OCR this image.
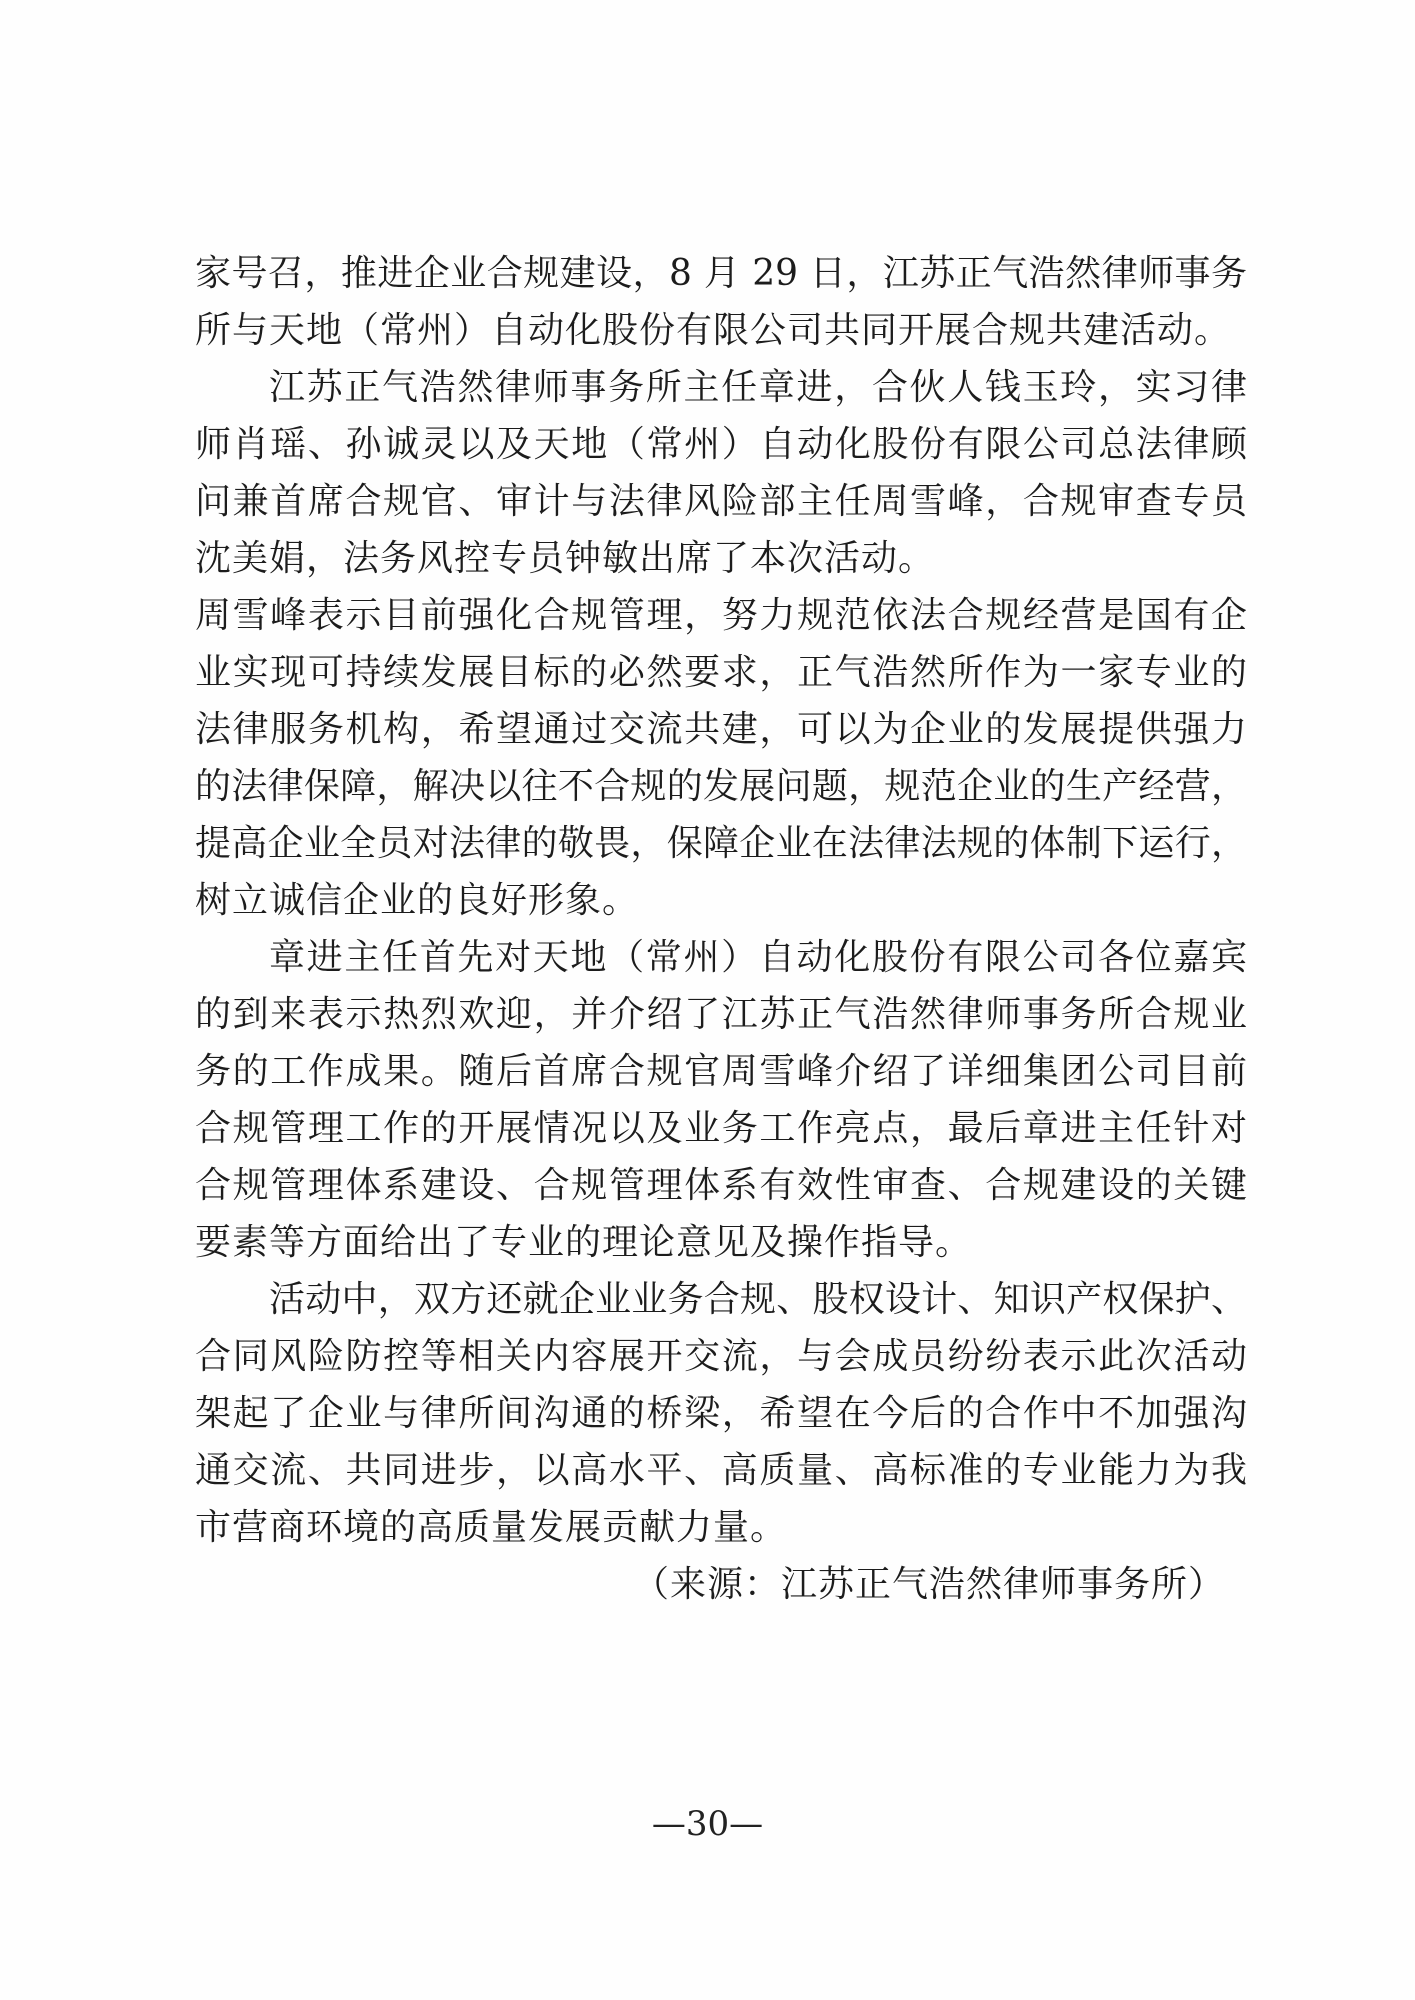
家号召，推进企业合规建设，8 月 29 日，江苏正气浩然律师事务
所与天地（常州）自动化股份有限公司共同开展合规共建活动。
江苏正气浩然律师事务所主任章进，合伙人钱玉玲，实习律
师肖瑶、孙诚灵以及天地（常州）自动化股份有限公司总法律顾
问兼首席合规官、审计与法律风险部主任周雪峰，合规审查专员
沈美娟，法务风控专员钟敏出席了本次活动。
周雪峰表示目前强化合规管理，努力规范依法合规经营是国有企
业实现可持续发展目标的必然要求，正气浩然所作为一家专业的
法律服务机构，希望通过交流共建，可以为企业的发展提供强力
的法律保障，解决以往不合规的发展问题，规范企业的生产经营，
提高企业全员对法律的敬畏，保障企业在法律法规的体制下运行，
树立诚信企业的良好形象。
章进主任首先对天地（常州）自动化股份有限公司各位嘉宾
的到来表示热烈欢迎，并介绍了江苏正气浩然律师事务所合规业
务的工作成果。随后首席合规官周雪峰介绍了详细集团公司目前
合规管理工作的开展情况以及业务工作亮点，最后章进主任针对
合规管理体系建设、合规管理体系有效性审查、合规建设的关键
要素等方面给出了专业的理论意见及操作指导。
活动中，双方还就企业业务合规、股权设计、知识产权保护、
合同风险防控等相关内容展开交流，与会成员纷纷表示此次活动
架起了企业与律所间沟通的桥梁，希望在今后的合作中不加强沟
通交流、共同进步，以高水平、高质量、高标准的专业能力为我
市营商环境的高质量发展贡献力量。
（来源：江苏正气浩然律师事务所）
—30—
